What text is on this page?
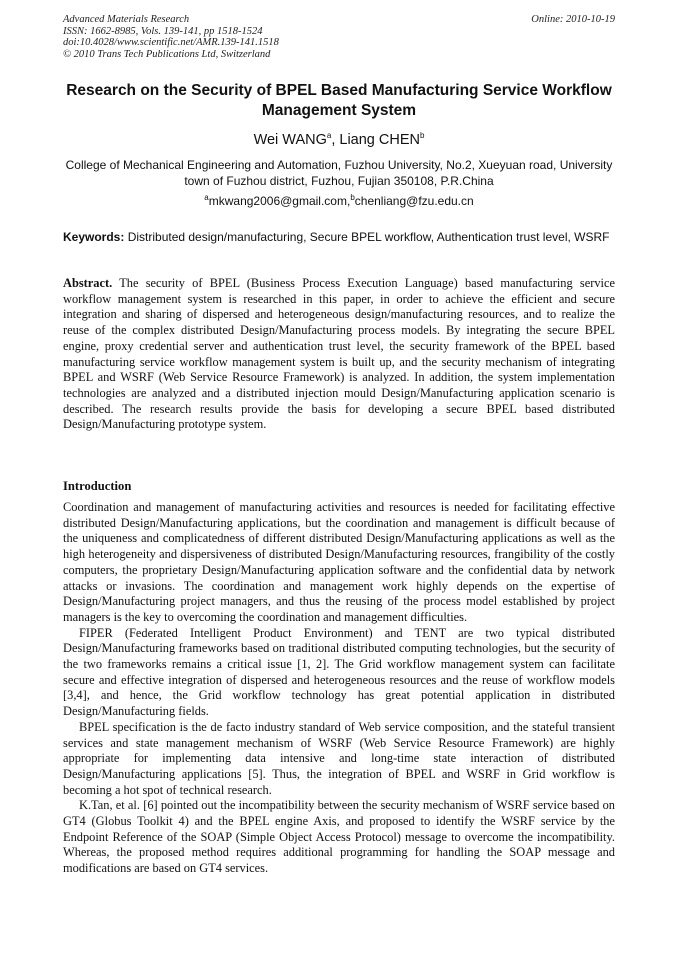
Advanced Materials Research	Online: 2010-10-19
ISSN: 1662-8985, Vols. 139-141, pp 1518-1524
doi:10.4028/www.scientific.net/AMR.139-141.1518
© 2010 Trans Tech Publications Ltd, Switzerland
Research on the Security of BPEL Based Manufacturing Service Workflow Management System
Wei WANG$^a$, Liang CHEN$^b$
College of Mechanical Engineering and Automation, Fuzhou University, No.2, Xueyuan road, University town of Fuzhou district, Fuzhou, Fujian 350108, P.R.China
$^a$mkwang2006@gmail.com,$^b$chenliang@fzu.edu.cn
Keywords: Distributed design/manufacturing, Secure BPEL workflow, Authentication trust level, WSRF
Abstract. The security of BPEL (Business Process Execution Language) based manufacturing service workflow management system is researched in this paper, in order to achieve the efficient and secure integration and sharing of dispersed and heterogeneous design/manufacturing resources, and to realize the reuse of the complex distributed Design/Manufacturing process models. By integrating the secure BPEL engine, proxy credential server and authentication trust level, the security framework of the BPEL based manufacturing service workflow management system is built up, and the security mechanism of integrating BPEL and WSRF (Web Service Resource Framework) is analyzed. In addition, the system implementation technologies are analyzed and a distributed injection mould Design/Manufacturing application scenario is described. The research results provide the basis for developing a secure BPEL based distributed Design/Manufacturing prototype system.
Introduction

Coordination and management of manufacturing activities and resources is needed for facilitating effective distributed Design/Manufacturing applications, but the coordination and management is difficult because of the uniqueness and complicatedness of different distributed Design/Manufacturing applications as well as the high heterogeneity and dispersiveness of distributed Design/Manufacturing resources, frangibility of the costly computers, the proprietary Design/Manufacturing application software and the confidential data by network attacks or invasions. The coordination and management work highly depends on the expertise of Design/Manufacturing project managers, and thus the reusing of the process model established by project managers is the key to overcoming the coordination and management difficulties.

FIPER (Federated Intelligent Product Environment) and TENT are two typical distributed Design/Manufacturing frameworks based on traditional distributed computing technologies, but the security of the two frameworks remains a critical issue [1, 2]. The Grid workflow management system can facilitate secure and effective integration of dispersed and heterogeneous resources and the reuse of workflow models [3,4], and hence, the Grid workflow technology has great potential application in distributed Design/Manufacturing fields.

BPEL specification is the de facto industry standard of Web service composition, and the stateful transient services and state management mechanism of WSRF (Web Service Resource Framework) are highly appropriate for implementing data intensive and long-time state interaction of distributed Design/Manufacturing applications [5]. Thus, the integration of BPEL and WSRF in Grid workflow is becoming a hot spot of technical research.

K.Tan, et al. [6] pointed out the incompatibility between the security mechanism of WSRF service based on GT4 (Globus Toolkit 4) and the BPEL engine Axis, and proposed to identify the WSRF service by the Endpoint Reference of the SOAP (Simple Object Access Protocol) message to overcome the incompatibility. Whereas, the proposed method requires additional programming for handling the SOAP message and modifications are based on GT4 services.
